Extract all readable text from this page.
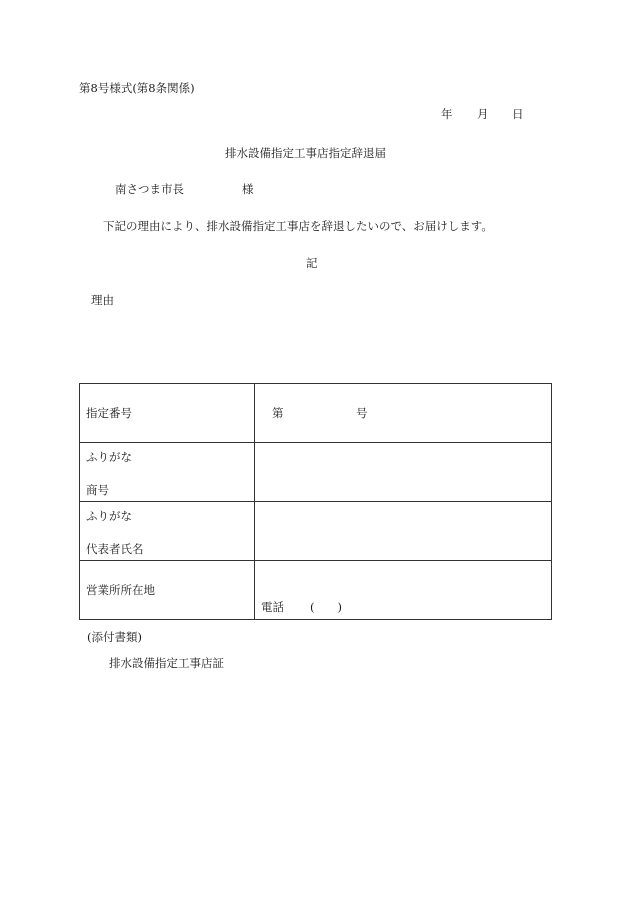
第8号様式(第8条関係)
年 月 日
排水設備指定工事店指定辞退届
南さつま市長	様
下記の理由により、排水設備指定工事店を辞退したいので、お届けします。
記
理由
指定番号	第 号

ふりがな
商号	

ふりがな
代表者氏名	

営業所所在地	電話 (　　)
(添付書類)
排水設備指定工事店証
